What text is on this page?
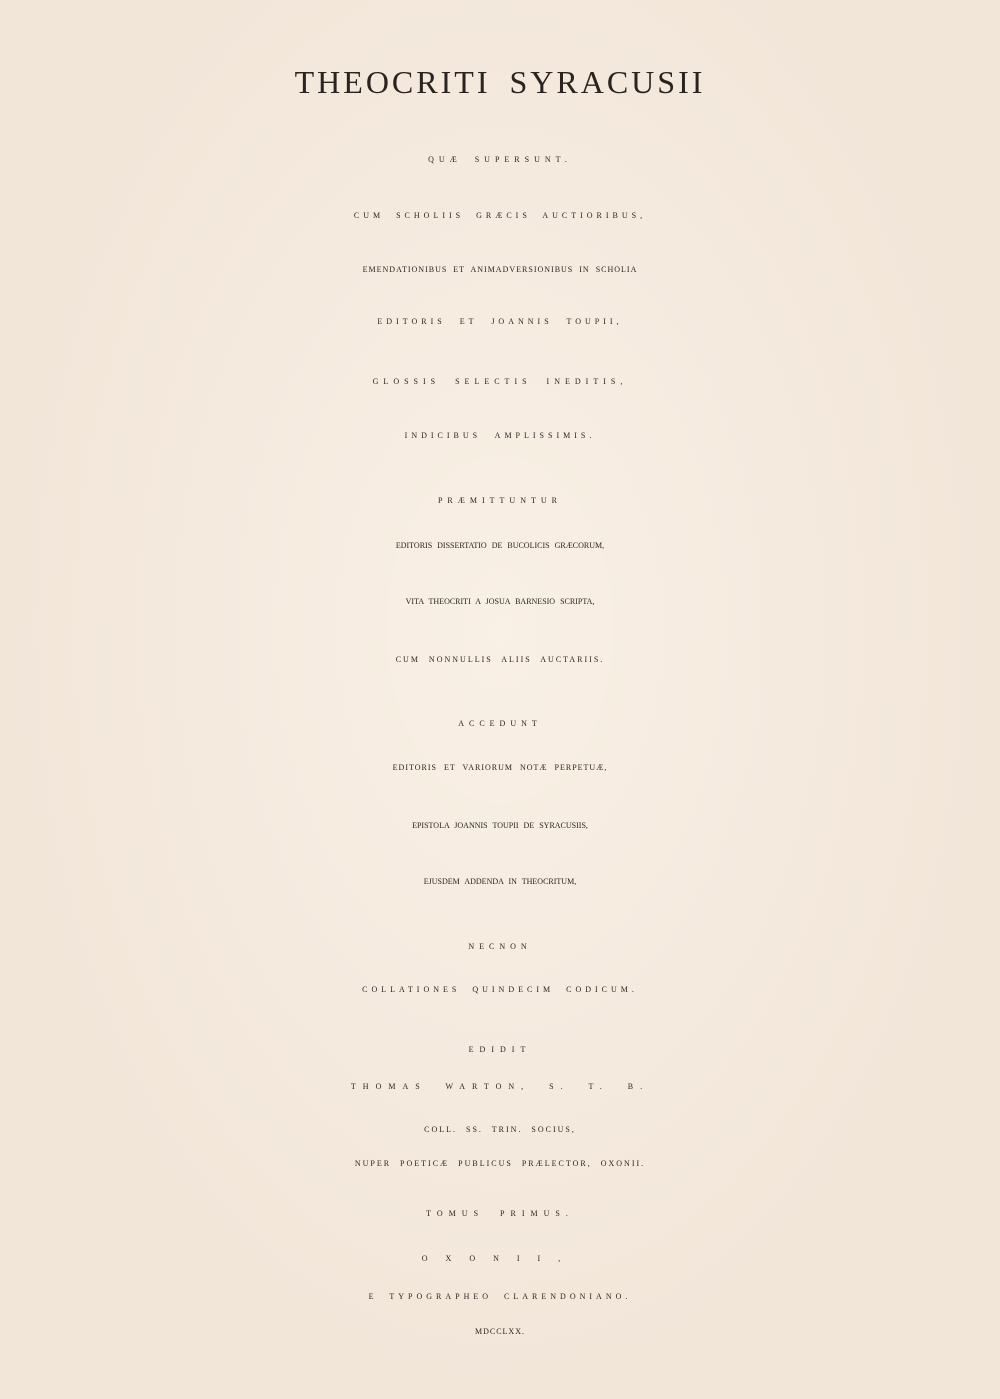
THEOCRITI SYRACUSII
QUÆ SUPERSUNT.
CUM SCHOLIIS GRÆCIS AUCTIORIBUS,
EMENDATIONIBUS ET ANIMADVERSIONIBUS IN SCHOLIA
EDITORIS ET JOANNIS TOUPII,
GLOSSIS SELECTIS INEDITIS,
INDICIBUS AMPLISSIMIS.
PRÆMITTUNTUR
EDITORIS DISSERTATIO DE BUCOLICIS GRÆCORUM,
VITA THEOCRITI A JOSUA BARNESIO SCRIPTA,
CUM NONNULLIS ALIIS AUCTARIIS.
ACCEDUNT
EDITORIS ET VARIORUM NOTÆ PERPETUÆ,
EPISTOLA JOANNIS TOUPII DE SYRACUSIIS,
EJUSDEM ADDENDA IN THEOCRITUM,
NECNON
COLLATIONES QUINDECIM CODICUM.
EDIDIT
THOMAS WARTON, S. T. B.
COLL. SS. TRIN. SOCIUS,
NUPER POETICÆ PUBLICUS PRÆLECTOR, OXONII.
TOMUS PRIMUS.
OXONII,
E TYPOGRAPHEO CLARENDONIANO.
MDCCLXX.
